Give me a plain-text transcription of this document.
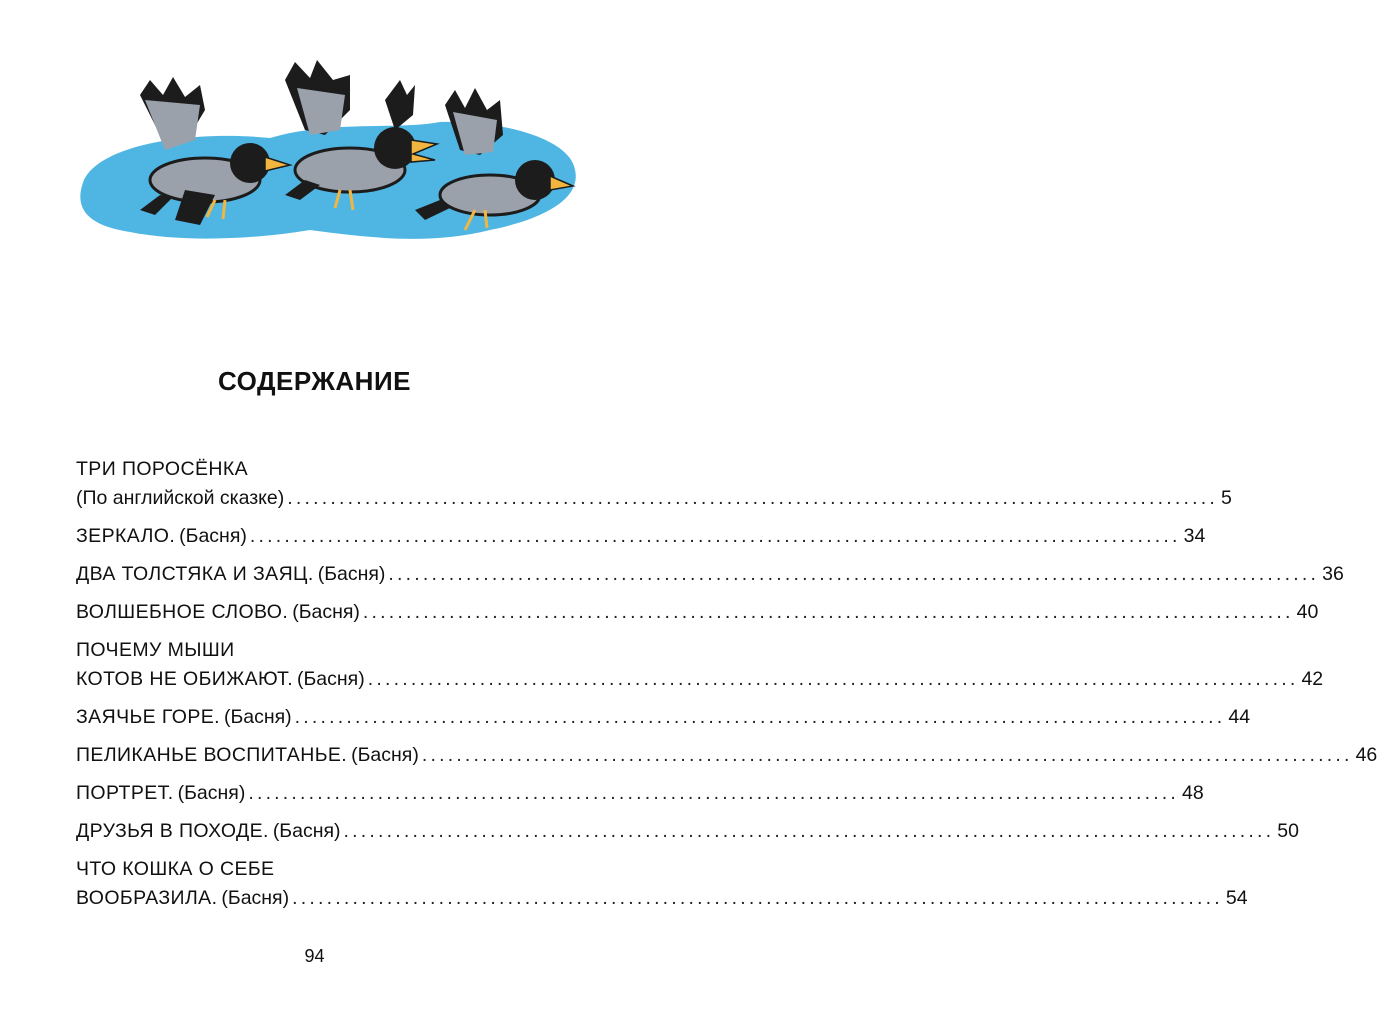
СОДЕРЖАНИЕ
ТРИ ПОРОСЁНКА
(По английской сказке) ............................................................................................................ 5
ЗЕРКАЛО. (Басня) ............................................................................................................ 34
ДВА ТОЛСТЯКА И ЗАЯЦ. (Басня) ............................................................................................................ 36
ВОЛШЕБНОЕ СЛОВО. (Басня) ............................................................................................................ 40
ПОЧЕМУ МЫШИ
КОТОВ НЕ ОБИЖАЮТ. (Басня) ............................................................................................................ 42
ЗАЯЧЬЕ ГОРЕ. (Басня) ............................................................................................................ 44
ПЕЛИКАНЬЕ ВОСПИТАНЬЕ. (Басня) ............................................................................................................ 46
ПОРТРЕТ. (Басня) ............................................................................................................ 48
ДРУЗЬЯ В ПОХОДЕ. (Басня) ............................................................................................................ 50
ЧТО КОШКА О СЕБЕ
ВООБРАЗИЛА. (Басня) ............................................................................................................ 54
94
